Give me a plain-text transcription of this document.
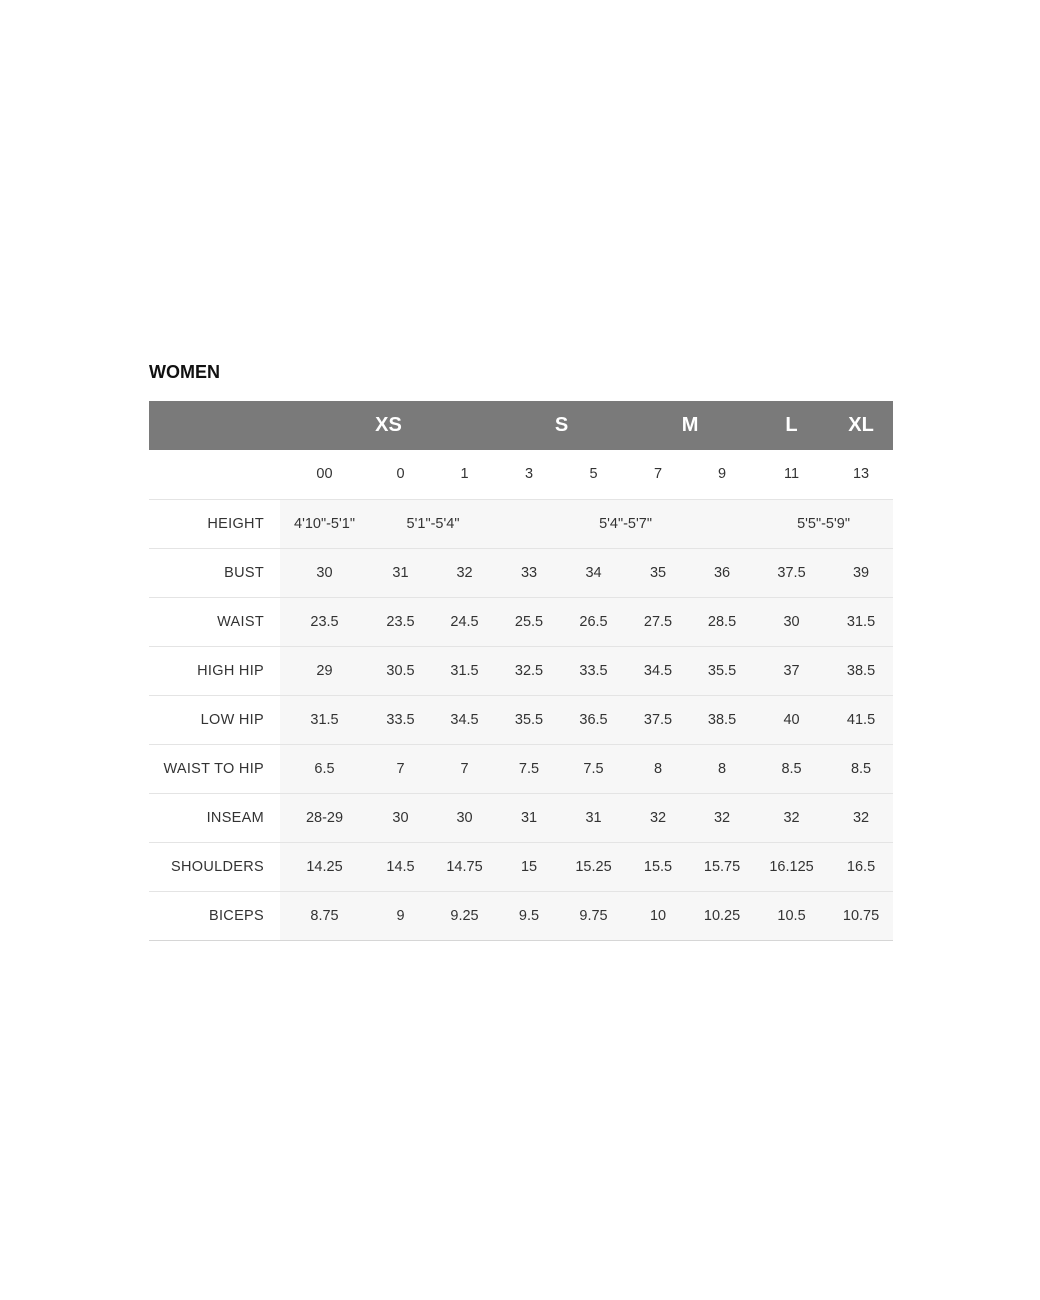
WOMEN
	XS			S		M		L	XL
	00	0	1	3	5	7	9	11	13
HEIGHT	4'10"-5'1"	5'1"-5'4"		5'4"-5'7"				5'5"-5'9"	
BUST	30	31	32	33	34	35	36	37.5	39
WAIST	23.5	23.5	24.5	25.5	26.5	27.5	28.5	30	31.5
HIGH HIP	29	30.5	31.5	32.5	33.5	34.5	35.5	37	38.5
LOW HIP	31.5	33.5	34.5	35.5	36.5	37.5	38.5	40	41.5
WAIST TO HIP	6.5	7	7	7.5	7.5	8	8	8.5	8.5
INSEAM	28-29	30	30	31	31	32	32	32	32
SHOULDERS	14.25	14.5	14.75	15	15.25	15.5	15.75	16.125	16.5
BICEPS	8.75	9	9.25	9.5	9.75	10	10.25	10.5	10.75
